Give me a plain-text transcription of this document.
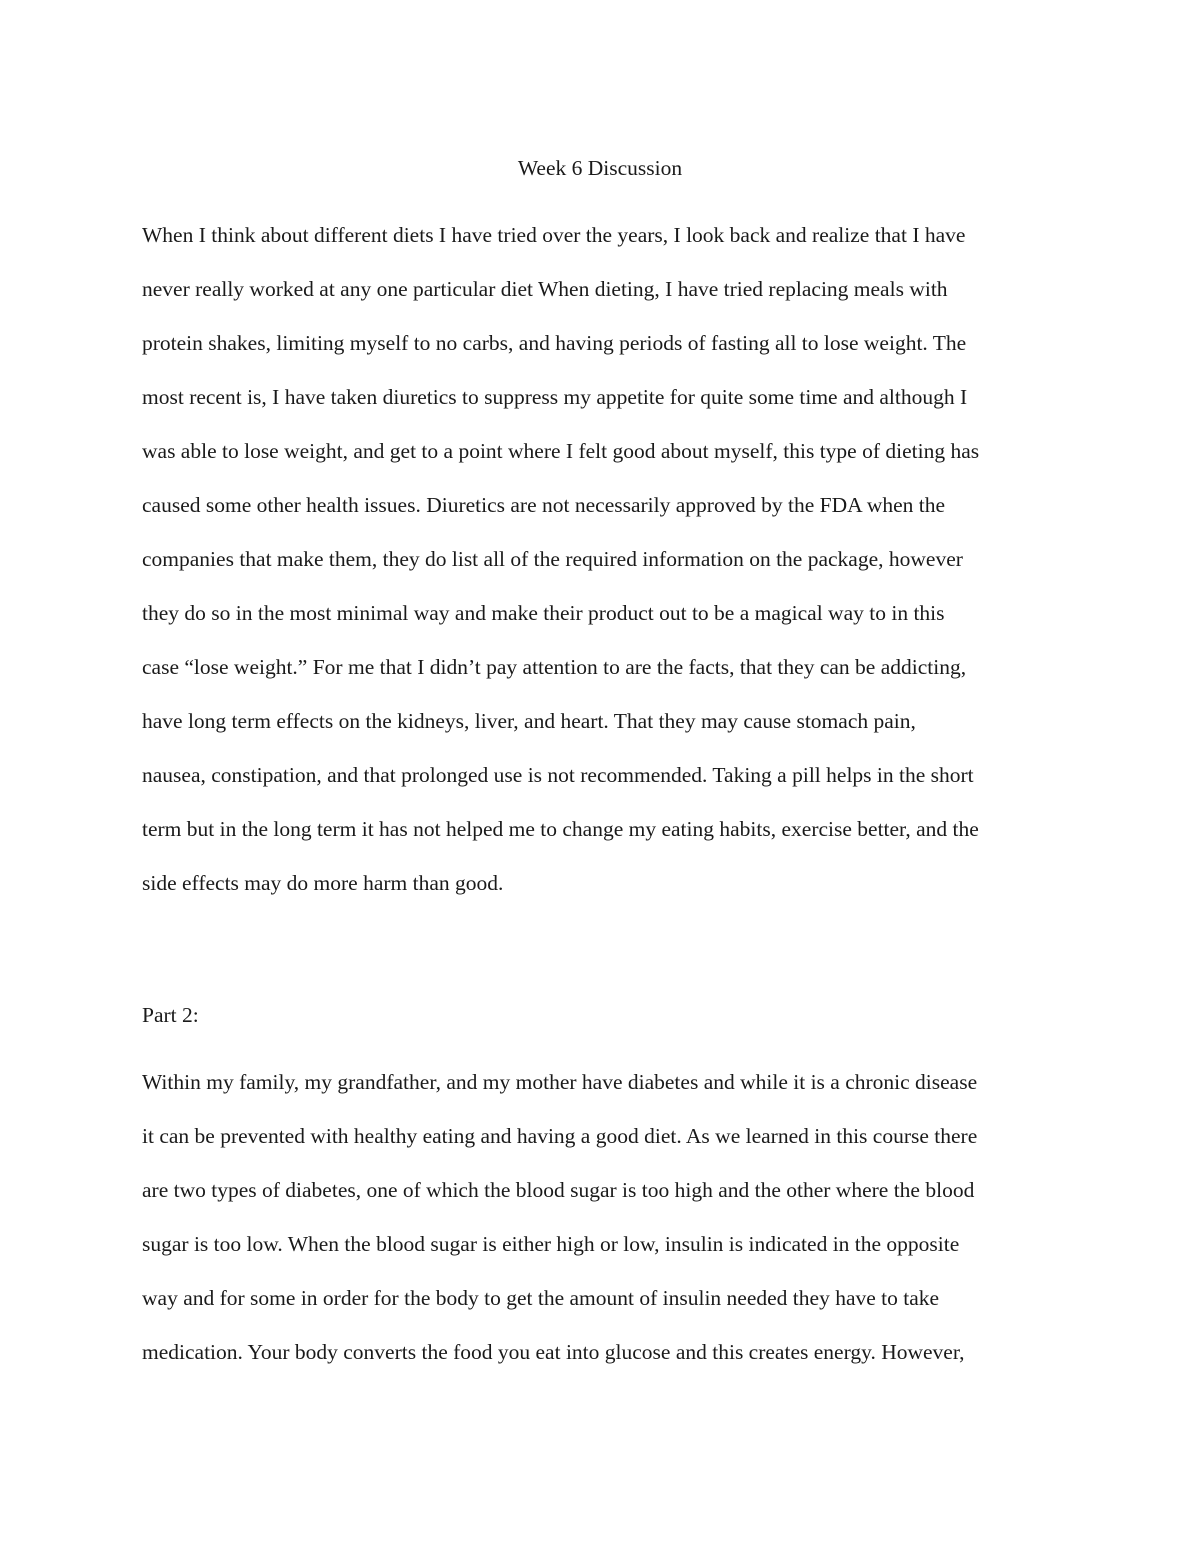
Week 6 Discussion
When I think about different diets I have tried over the years, I look back and realize that I have
never really worked at any one particular diet When dieting, I have tried replacing meals with
protein shakes, limiting myself to no carbs, and having periods of fasting all to lose weight. The
most recent is, I have taken diuretics to suppress my appetite for quite some time and although I
was able to lose weight, and get to a point where I felt good about myself, this type of dieting has
caused some other health issues. Diuretics are not necessarily approved by the FDA when the
companies that make them, they do list all of the required information on the package, however
they do so in the most minimal way and make their product out to be a magical way to in this
case “lose weight.” For me that I didn’t pay attention to are the facts, that they can be addicting,
have long term effects on the kidneys, liver, and heart. That they may cause stomach pain,
nausea, constipation, and that prolonged use is not recommended. Taking a pill helps in the short
term but in the long term it has not helped me to change my eating habits, exercise better, and the
side effects may do more harm than good.
Part 2:
Within my family, my grandfather, and my mother have diabetes and while it is a chronic disease
it can be prevented with healthy eating and having a good diet. As we learned in this course there
are two types of diabetes, one of which the blood sugar is too high and the other where the blood
sugar is too low. When the blood sugar is either high or low, insulin is indicated in the opposite
way and for some in order for the body to get the amount of insulin needed they have to take
medication. Your body converts the food you eat into glucose and this creates energy. However,
